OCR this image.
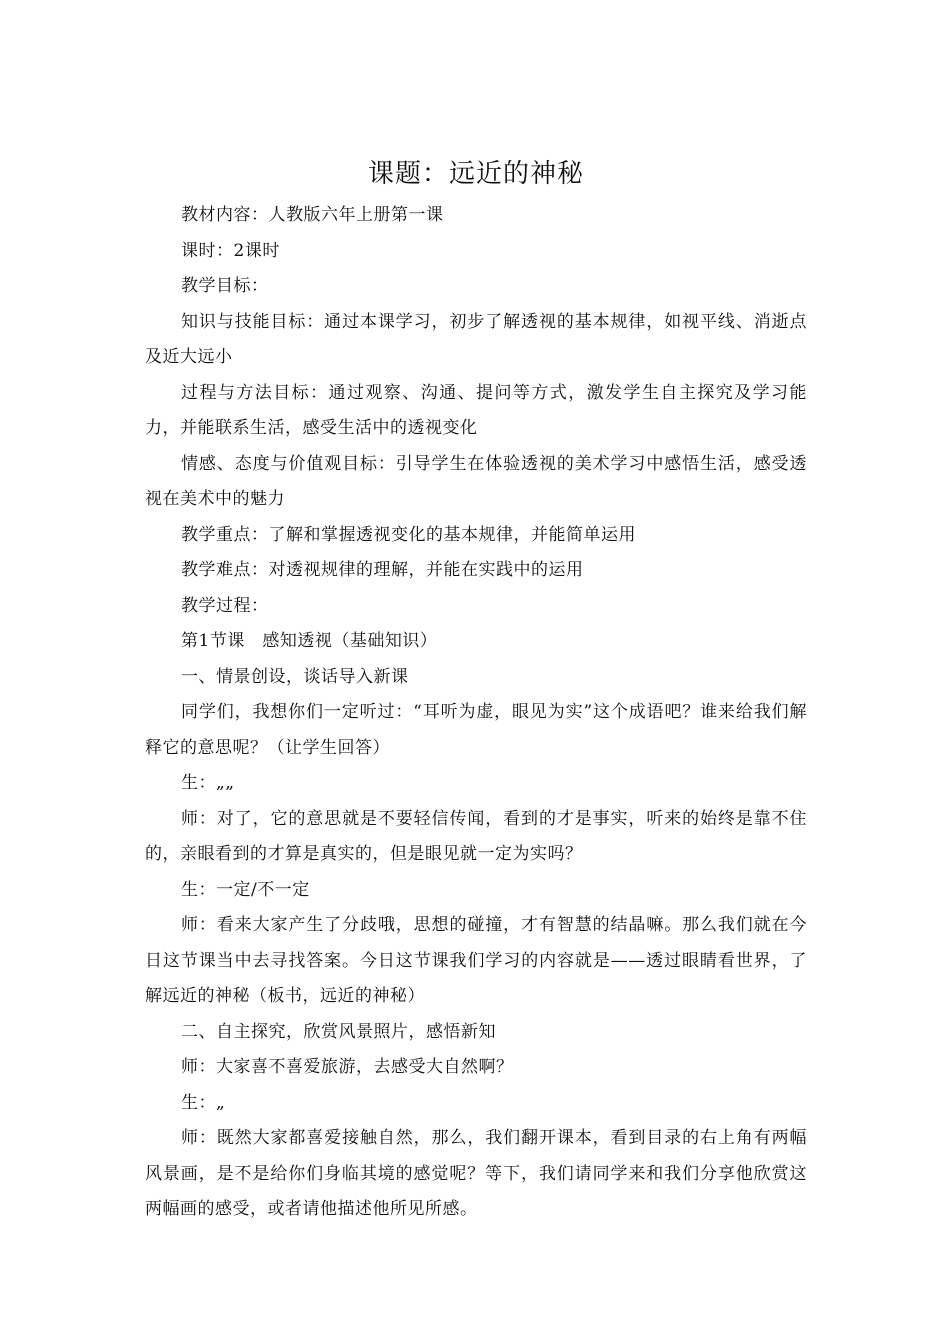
课题：远近的神秘

教材内容：人教版六年上册第一课

课时：2课时

教学目标：

知识与技能目标：通过本课学习，初步了解透视的基本规律，如视平线、消逝点及近大远小

过程与方法目标：通过观察、沟通、提问等方式，激发学生自主探究及学习能力，并能联系生活，感受生活中的透视变化

情感、态度与价值观目标：引导学生在体验透视的美术学习中感悟生活，感受透视在美术中的魅力

教学重点：了解和掌握透视变化的基本规律，并能简单运用

教学难点：对透视规律的理解，并能在实践中的运用

教学过程：

第1节课　感知透视（基础知识）

一、情景创设，谈话导入新课

同学们，我想你们一定听过：“耳听为虚，眼见为实”这个成语吧？谁来给我们解释它的意思呢？（让学生回答）

生：„„

师：对了，它的意思就是不要轻信传闻，看到的才是事实，听来的始终是靠不住的，亲眼看到的才算是真实的，但是眼见就一定为实吗？

生：一定/不一定

师：看来大家产生了分歧哦，思想的碰撞，才有智慧的结晶嘛。那么我们就在今日这节课当中去寻找答案。今日这节课我们学习的内容就是——透过眼睛看世界，了解远近的神秘（板书，远近的神秘）

二、自主探究，欣赏风景照片，感悟新知

师：大家喜不喜爱旅游，去感受大自然啊？

生：„

师：既然大家都喜爱接触自然，那么，我们翻开课本，看到目录的右上角有两幅风景画，是不是给你们身临其境的感觉呢？等下，我们请同学来和我们分享他欣赏这两幅画的感受，或者请他描述他所见所感。
